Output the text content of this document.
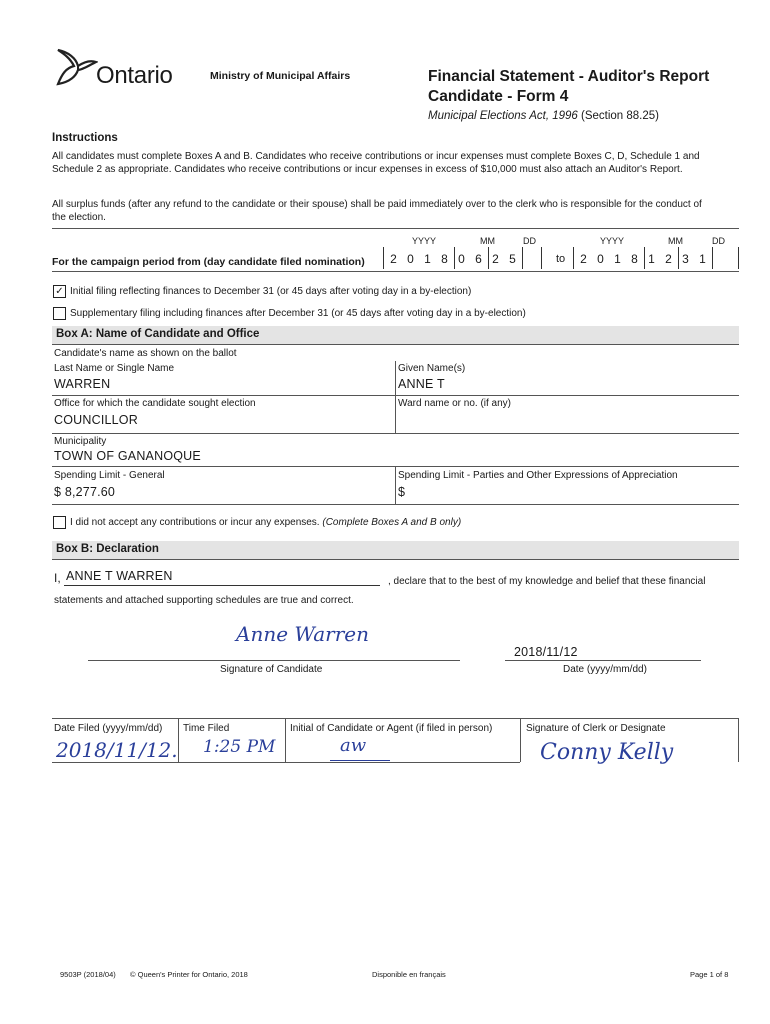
Ontario	Ministry of Municipal Affairs	Financial Statement - Auditor's Report
Candidate - Form 4
Municipal Elections Act, 1996 (Section 88.25)
Instructions
All candidates must complete Boxes A and B. Candidates who receive contributions or incur expenses must complete Boxes C, D, Schedule 1 and Schedule 2 as appropriate. Candidates who receive contributions or incur expenses in excess of $10,000 must also attach an Auditor's Report.
All surplus funds (after any refund to the candidate or their spouse) shall be paid immediately over to the clerk who is responsible for the conduct of the election.
YYYY	MM	DD	YYYY	MM	DD
For the campaign period from (day candidate filed nomination)	2 0 1 8 0 6 2 5	to	2 0 1 8 1 2 3 1
✓ Initial filing reflecting finances to December 31 (or 45 days after voting day in a by-election)
Supplementary filing including finances after December 31 (or 45 days after voting day in a by-election)
Box A: Name of Candidate and Office
Candidate's name as shown on the ballot
Last Name or Single Name
WARREN
Given Name(s)
ANNE T
Office for which the candidate sought election
COUNCILLOR
Ward name or no. (if any)
Municipality
TOWN OF GANANOQUE
Spending Limit - General
$ 8,277.60
Spending Limit - Parties and Other Expressions of Appreciation
$
I did not accept any contributions or incur any expenses. (Complete Boxes A and B only)
Box B: Declaration
I, ANNE T WARREN	, declare that to the best of my knowledge and belief that these financial
statements and attached supporting schedules are true and correct.
Anne Warren
Signature of Candidate
2018/11/12
Date (yyyy/mm/dd)
Date Filed (yyyy/mm/dd) Time Filed	Initial of Candidate or Agent (if filed in person)	Signature of Clerk or Designate
2018/11/12. 1:25 PM	aw	Conny Kelly
9503P (2018/04) © Queen's Printer for Ontario, 2018	Disponible en français	Page 1 of 8
